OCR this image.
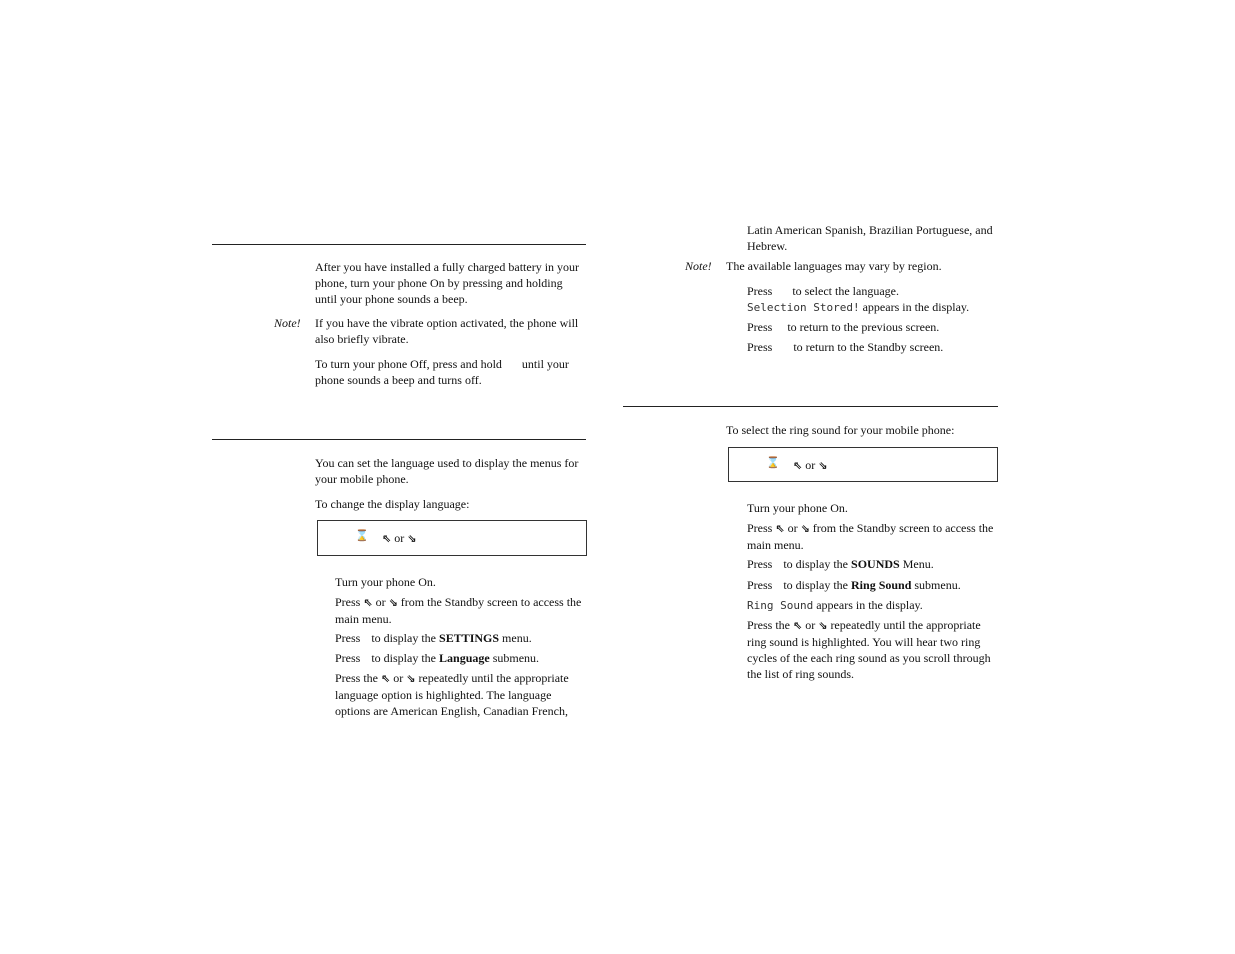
After you have installed a fully charged battery in your phone, turn your phone On by pressing and holding until your phone sounds a beep.
Note! If you have the vibrate option activated, the phone will also briefly vibrate.
To turn your phone Off, press and hold until your phone sounds a beep and turns off.
You can set the language used to display the menus for your mobile phone.
To change the display language:
⌛ ⇖ or ⇘
Turn your phone On.
Press ⇖ or ⇘ from the Standby screen to access the main menu.
Press to display the SETTINGS menu.
Press to display the Language submenu.
Press the ⇖ or ⇘ repeatedly until the appropriate language option is highlighted. The language options are American English, Canadian French,
Latin American Spanish, Brazilian Portuguese, and Hebrew.
Note! The available languages may vary by region.
Press to select the language.
Selection Stored! appears in the display.
Press to return to the previous screen.
Press to return to the Standby screen.
To select the ring sound for your mobile phone:
⌛ ⇖ or ⇘
Turn your phone On.
Press ⇖ or ⇘ from the Standby screen to access the main menu.
Press to display the SOUNDS Menu.
Press to display the Ring Sound submenu.
Ring Sound appears in the display.
Press the ⇖ or ⇘ repeatedly until the appropriate ring sound is highlighted. You will hear two ring cycles of the each ring sound as you scroll through the list of ring sounds.
